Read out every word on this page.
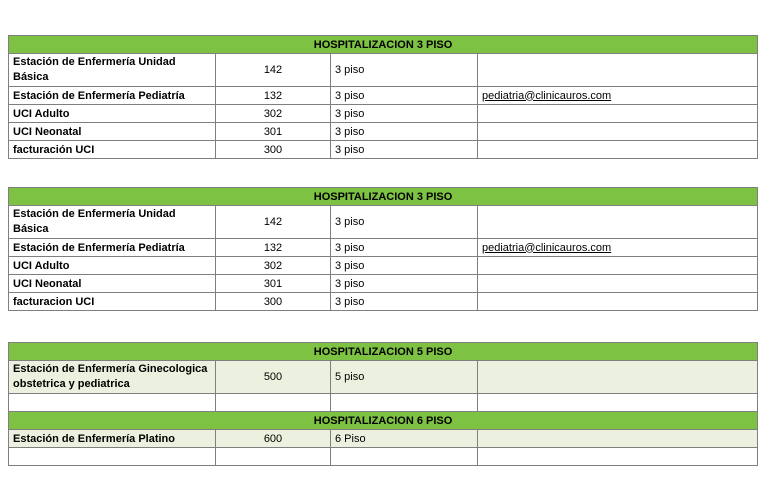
HOSPITALIZACION 3 PISO			
Estación de Enfermería Unidad Básica	142	3 piso	
Estación de Enfermería Pediatría	132	3 piso	pediatria@clinicauros.com
UCI Adulto	302	3 piso	
UCI Neonatal	301	3 piso	
facturación UCI	300	3 piso	
HOSPITALIZACION 3 PISO			
Estación de Enfermería Unidad Básica	142	3 piso	
Estación de Enfermería Pediatría	132	3 piso	pediatria@clinicauros.com
UCI Adulto	302	3 piso	
UCI Neonatal	301	3 piso	
facturacion UCI	300	3 piso	
HOSPITALIZACION 5 PISO			
Estación de Enfermería Ginecologica obstetrica y pediatrica	500	5 piso	

HOSPITALIZACION 6 PISO			
Estación de Enfermería Platino	600	6 Piso	
